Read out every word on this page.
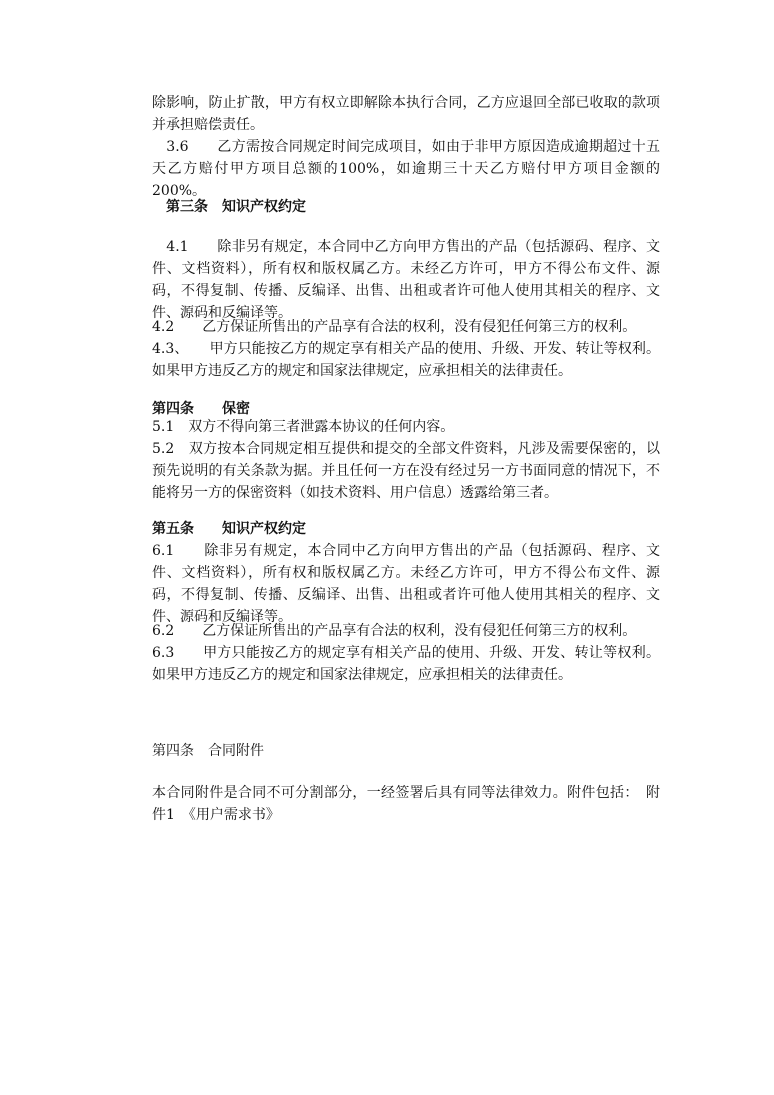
除影响，防止扩散，甲方有权立即解除本执行合同，乙方应退回全部已收取的款项并承担赔偿责任。

　3.6　　乙方需按合同规定时间完成项目，如由于非甲方原因造成逾期超过十五天乙方赔付甲方项目总额的100%，如逾期三十天乙方赔付甲方项目金额的200%。

　第三条　知识产权约定

　4.1　　除非另有规定，本合同中乙方向甲方售出的产品（包括源码、程序、文件、文档资料），所有权和版权属乙方。未经乙方许可，甲方不得公布文件、源码，不得复制、传播、反编译、出售、出租或者许可他人使用其相关的程序、文件、源码和反编译等。

4.2　　乙方保证所售出的产品享有合法的权利，没有侵犯任何第三方的权利。

4.3、　　甲方只能按乙方的规定享有相关产品的使用、升级、开发、转让等权利。如果甲方违反乙方的规定和国家法律规定，应承担相关的法律责任。

第四条　　保密

5.1　双方不得向第三者泄露本协议的任何内容。

5.2　双方按本合同规定相互提供和提交的全部文件资料，凡涉及需要保密的，以预先说明的有关条款为据。并且任何一方在没有经过另一方书面同意的情况下，不能将另一方的保密资料（如技术资料、用户信息）透露给第三者。

第五条　　知识产权约定

6.1　　除非另有规定，本合同中乙方向甲方售出的产品（包括源码、程序、文件、文档资料），所有权和版权属乙方。未经乙方许可，甲方不得公布文件、源码，不得复制、传播、反编译、出售、出租或者许可他人使用其相关的程序、文件、源码和反编译等。

6.2　　乙方保证所售出的产品享有合法的权利，没有侵犯任何第三方的权利。

6.3　　甲方只能按乙方的规定享有相关产品的使用、升级、开发、转让等权利。如果甲方违反乙方的规定和国家法律规定，应承担相关的法律责任。

第四条　合同附件

本合同附件是合同不可分割部分，一经签署后具有同等法律效力。附件包括：　附件1　《用户需求书》
